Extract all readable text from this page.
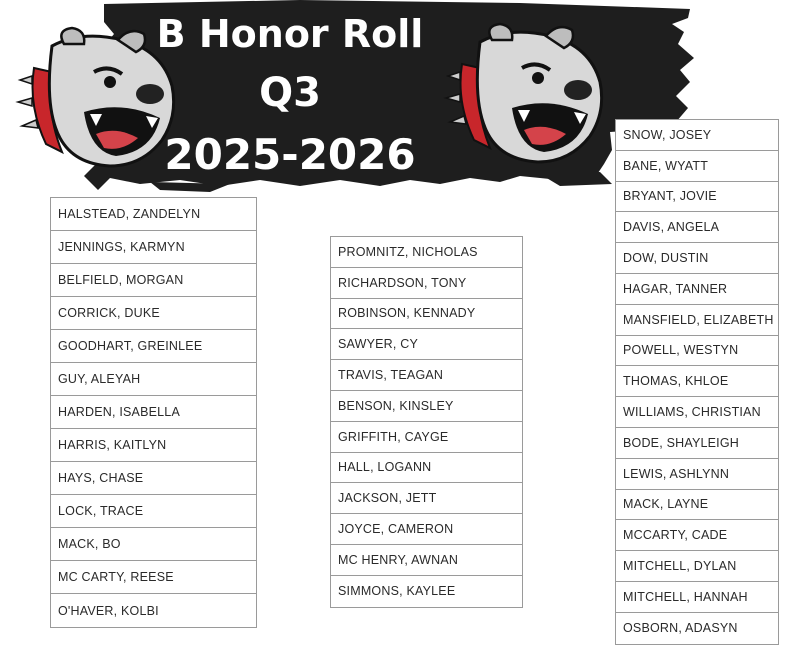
B Honor Roll
Q3
2025-2026
HALSTEAD, ZANDELYN
JENNINGS, KARMYN
BELFIELD, MORGAN
CORRICK, DUKE
GOODHART, GREINLEE
GUY, ALEYAH
HARDEN, ISABELLA
HARRIS, KAITLYN
HAYS, CHASE
LOCK, TRACE
MACK, BO
MC CARTY, REESE
O'HAVER, KOLBI
PROMNITZ, NICHOLAS
RICHARDSON, TONY
ROBINSON, KENNADY
SAWYER, CY
TRAVIS, TEAGAN
BENSON, KINSLEY
GRIFFITH, CAYGE
HALL, LOGANN
JACKSON, JETT
JOYCE, CAMERON
MC HENRY, AWNAN
SIMMONS, KAYLEE
SNOW, JOSEY
BANE, WYATT
BRYANT, JOVIE
DAVIS, ANGELA
DOW, DUSTIN
HAGAR, TANNER
MANSFIELD, ELIZABETH
POWELL, WESTYN
THOMAS, KHLOE
WILLIAMS, CHRISTIAN
BODE, SHAYLEIGH
LEWIS, ASHLYNN
MACK, LAYNE
MCCARTY, CADE
MITCHELL, DYLAN
MITCHELL, HANNAH
OSBORN, ADASYN
